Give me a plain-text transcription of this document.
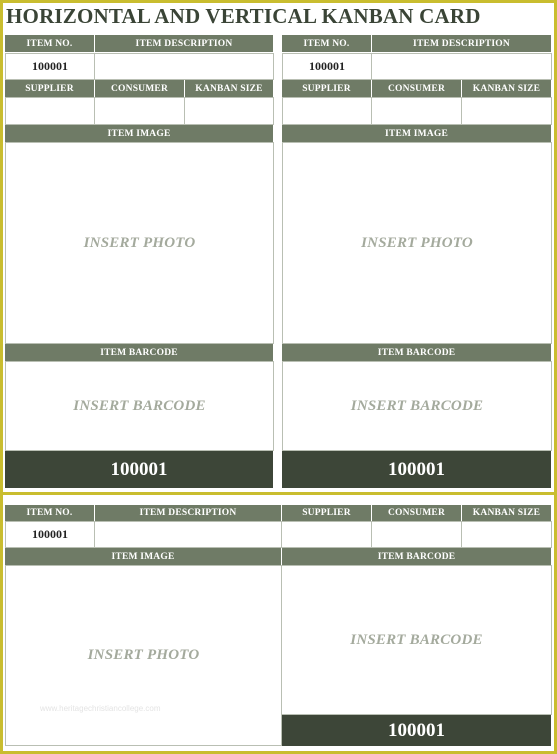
HORIZONTAL AND VERTICAL KANBAN CARD
ITEM NO.	ITEM DESCRIPTION
100001
SUPPLIER	CONSUMER	KANBAN SIZE
ITEM IMAGE
INSERT PHOTO
ITEM BARCODE
INSERT BARCODE
100001
ITEM NO.	ITEM DESCRIPTION
100001
SUPPLIER	CONSUMER	KANBAN SIZE
ITEM IMAGE
INSERT PHOTO
ITEM BARCODE
INSERT BARCODE
100001
ITEM NO.	ITEM DESCRIPTION	SUPPLIER	CONSUMER	KANBAN SIZE
100001
ITEM IMAGE	ITEM BARCODE
INSERT PHOTO
INSERT BARCODE
100001
www.heritagechristiancollege.com
